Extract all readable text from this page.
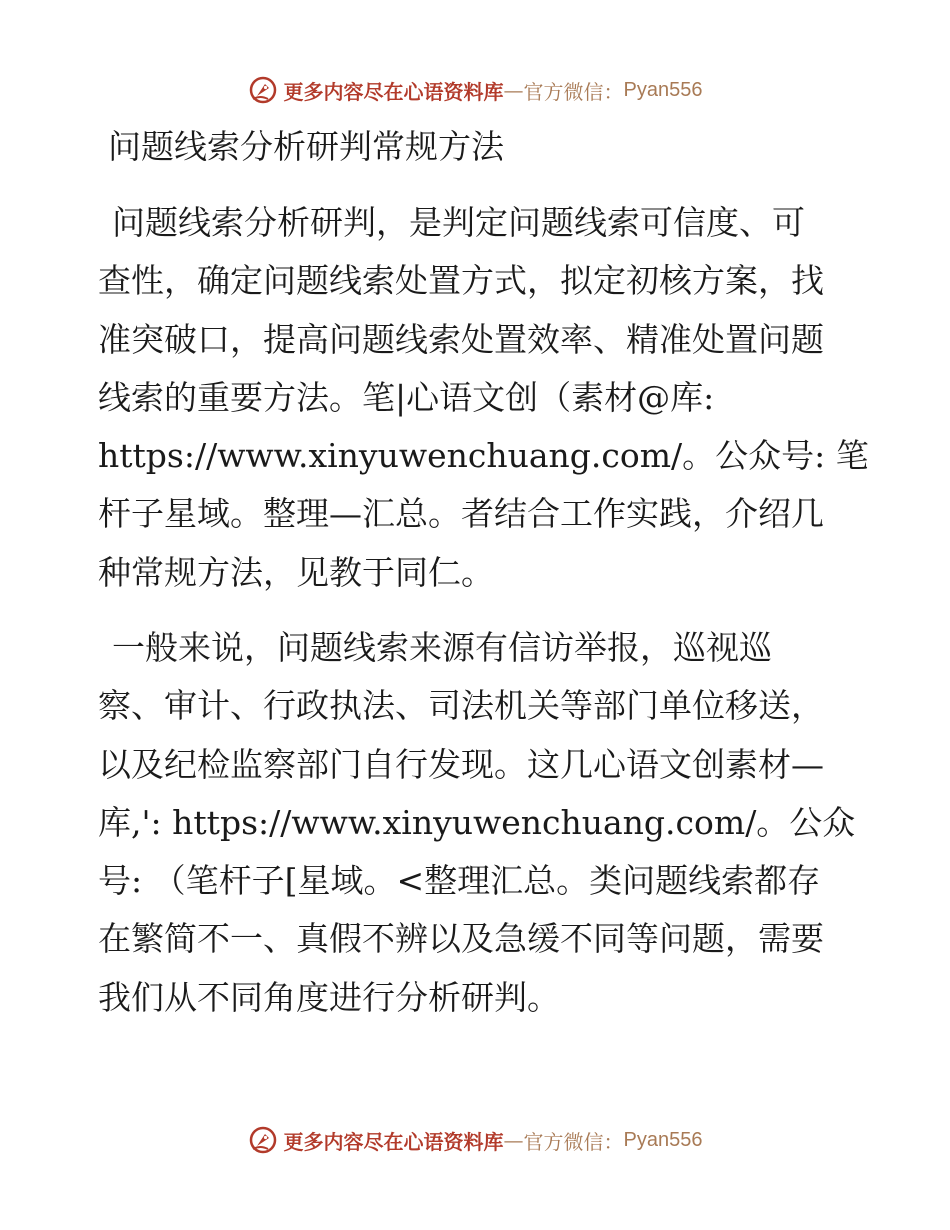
更多内容尽在心语资料库 — 官方微信： Pyan556
问题线索分析研判常规方法
问题线索分析研判，是判定问题线索可信度、可
查性，确定问题线索处置方式，拟定初核方案，找
准突破口，提高问题线索处置效率、精准处置问题
线索的重要方法。笔|心语文创（素材@库:
https://www.xinyuwenchuang.com/。公众号: 笔
杆子星域。整理—汇总。者结合工作实践，介绍几
种常规方法，见教于同仁。
一般来说，问题线索来源有信访举报，巡视巡
察、审计、行政执法、司法机关等部门单位移送，
以及纪检监察部门自行发现。这几心语文创素材—
库,': https://www.xinyuwenchuang.com/。公众
号: （笔杆子[星域。<整理汇总。类问题线索都存
在繁简不一、真假不辨以及急缓不同等问题，需要
我们从不同角度进行分析研判。
更多内容尽在心语资料库 — 官方微信： Pyan556
